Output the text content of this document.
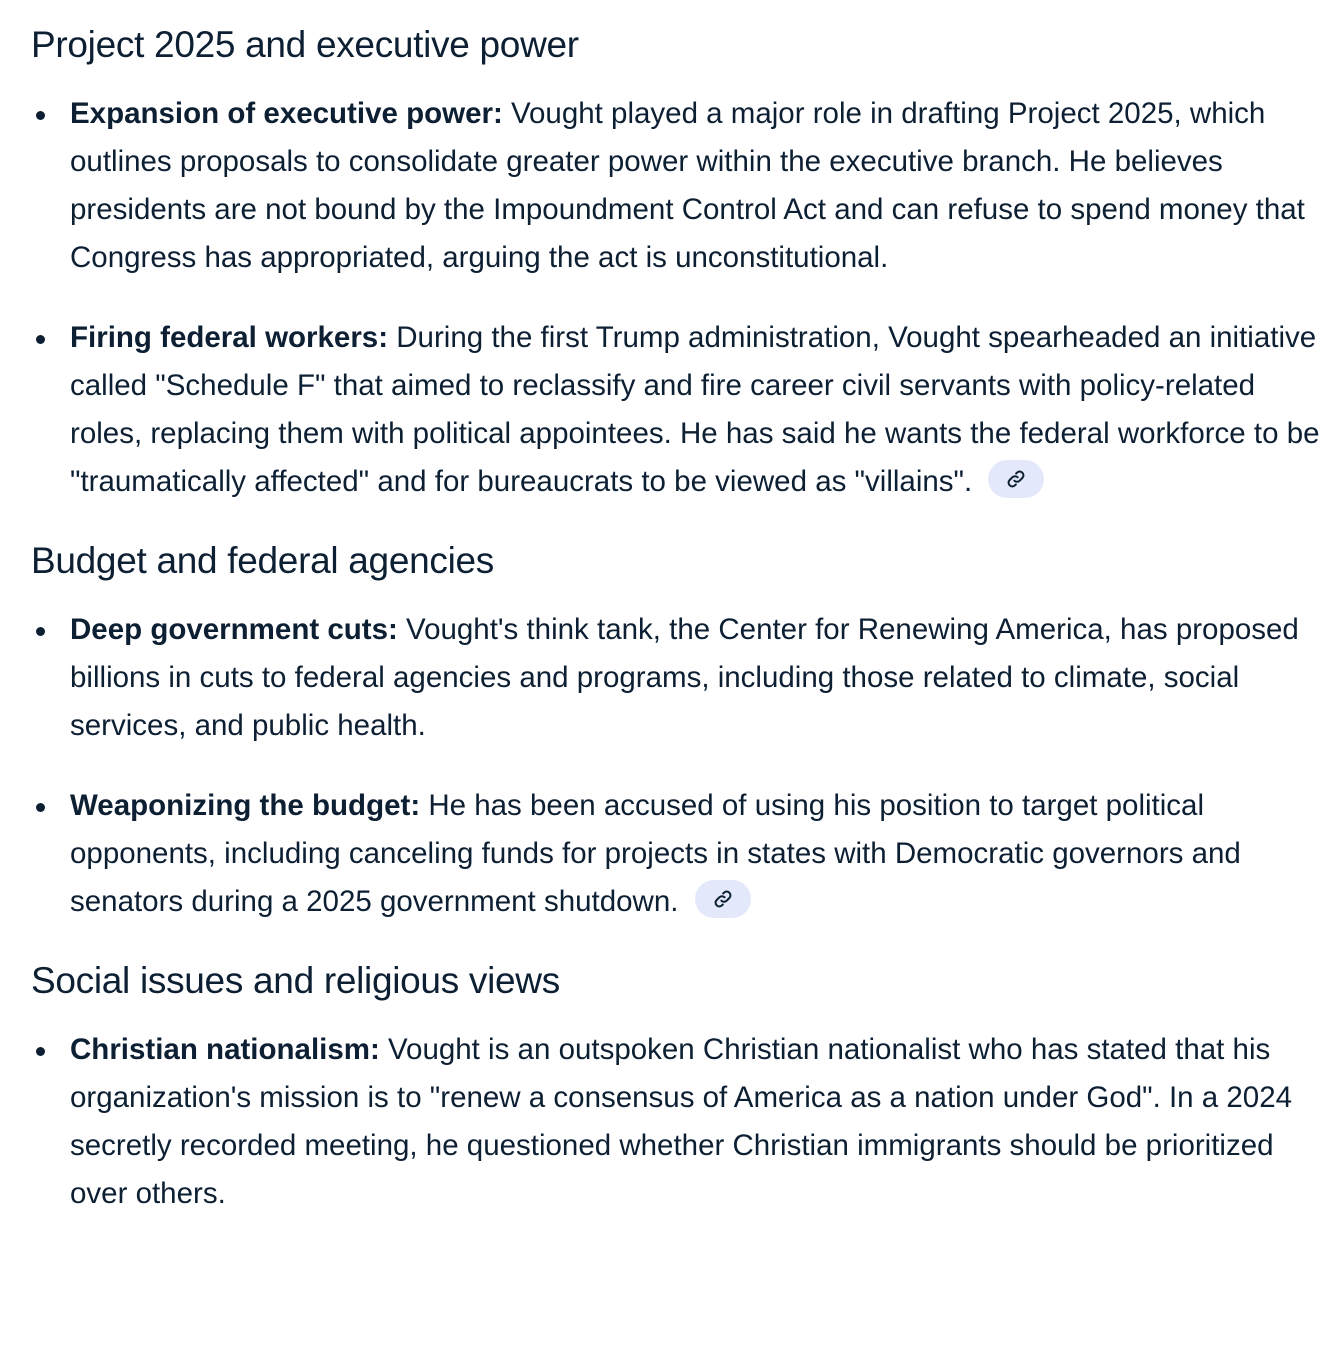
Project 2025 and executive power
Expansion of executive power: Vought played a major role in drafting Project 2025, which outlines proposals to consolidate greater power within the executive branch. He believes presidents are not bound by the Impoundment Control Act and can refuse to spend money that Congress has appropriated, arguing the act is unconstitutional.
Firing federal workers: During the first Trump administration, Vought spearheaded an initiative called "Schedule F" that aimed to reclassify and fire career civil servants with policy-related roles, replacing them with political appointees. He has said he wants the federal workforce to be "traumatically affected" and for bureaucrats to be viewed as "villains".
Budget and federal agencies
Deep government cuts: Vought's think tank, the Center for Renewing America, has proposed billions in cuts to federal agencies and programs, including those related to climate, social services, and public health.
Weaponizing the budget: He has been accused of using his position to target political opponents, including canceling funds for projects in states with Democratic governors and senators during a 2025 government shutdown.
Social issues and religious views
Christian nationalism: Vought is an outspoken Christian nationalist who has stated that his organization's mission is to "renew a consensus of America as a nation under God". In a 2024 secretly recorded meeting, he questioned whether Christian immigrants should be prioritized over others.
